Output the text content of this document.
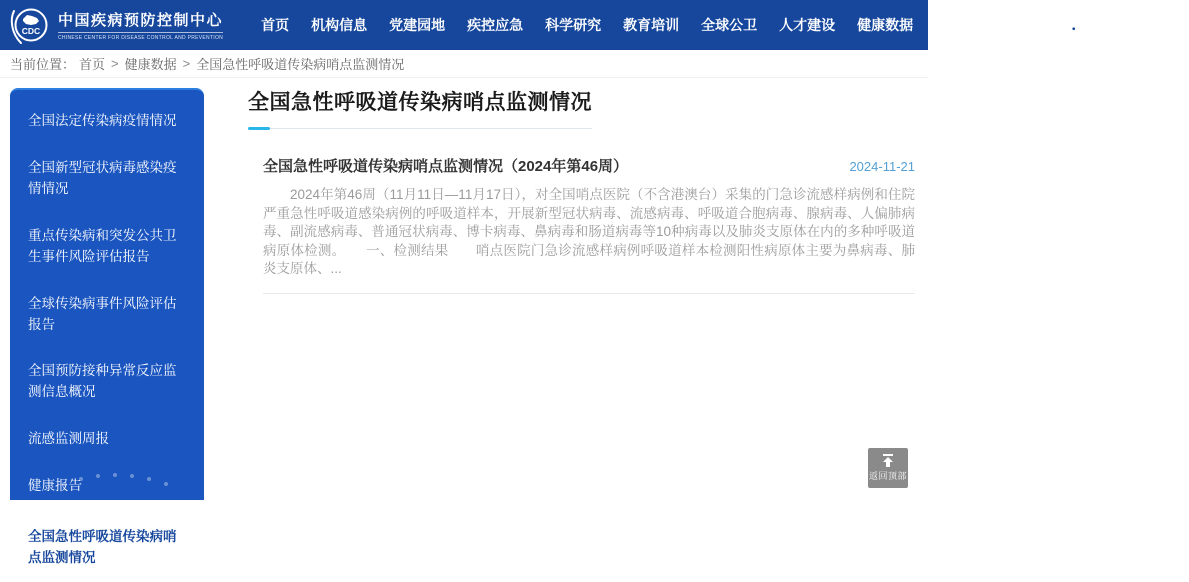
CDC
中国疾病预防控制中心
CHINESE CENTER FOR DISEASE CONTROL AND PREVENTION
首页 机构信息 党建园地 疾控应急 科学研究 教育培训 全球公卫 人才建设 健康数据 健康科普 学术期刊	EN
当前位置： 首页 > 健康数据 > 全国急性呼吸道传染病哨点监测情况
全国法定传染病疫情情况
全国新型冠状病毒感染疫情情况
重点传染病和突发公共卫生事件风险评估报告
全球传染病事件风险评估报告
全国预防接种异常反应监测信息概况
流感监测周报
健康报告
全国急性呼吸道传染病哨点监测情况
全国急性呼吸道传染病哨点监测情况
全国急性呼吸道传染病哨点监测情况（2024年第46周）	2024-11-21
2024年第46周（11月11日—11月17日），对全国哨点医院（不含港澳台）采集的门急诊流感样病例和住院严重急性呼吸道感染病例的呼吸道样本，开展新型冠状病毒、流感病毒、呼吸道合胞病毒、腺病毒、人偏肺病毒、副流感病毒、普通冠状病毒、博卡病毒、鼻病毒和肠道病毒等10种病毒以及肺炎支原体在内的多种呼吸道病原体检测。　　一、检测结果　　哨点医院门急诊流感样病例呼吸道样本检测阳性病原体主要为鼻病毒、肺炎支原体、...
返回顶部
